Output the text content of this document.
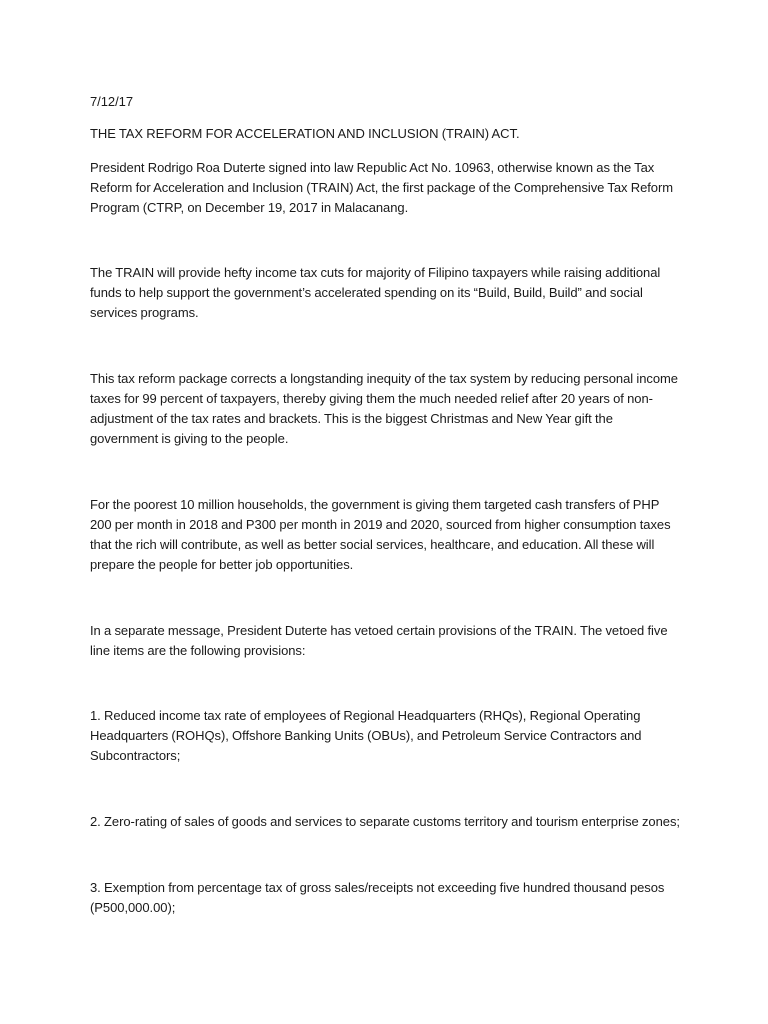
7/12/17

THE TAX REFORM FOR ACCELERATION AND INCLUSION (TRAIN) ACT.

President Rodrigo Roa Duterte signed into law Republic Act No. 10963, otherwise known as the Tax Reform for Acceleration and Inclusion (TRAIN) Act, the first package of the Comprehensive Tax Reform Program (CTRP, on December 19, 2017 in Malacanang.

The TRAIN will provide hefty income tax cuts for majority of Filipino taxpayers while raising additional funds to help support the government’s accelerated spending on its “Build, Build, Build” and social services programs.

This tax reform package corrects a longstanding inequity of the tax system by reducing personal income taxes for 99 percent of taxpayers, thereby giving them the much needed relief after 20 years of non-adjustment of the tax rates and brackets. This is the biggest Christmas and New Year gift the government is giving to the people.

For the poorest 10 million households, the government is giving them targeted cash transfers of PHP 200 per month in 2018 and P300 per month in 2019 and 2020, sourced from higher consumption taxes that the rich will contribute, as well as better social services, healthcare, and education. All these will prepare the people for better job opportunities.

In a separate message, President Duterte has vetoed certain provisions of the TRAIN. The vetoed five line items are the following provisions:

1. Reduced income tax rate of employees of Regional Headquarters (RHQs), Regional Operating Headquarters (ROHQs), Offshore Banking Units (OBUs), and Petroleum Service Contractors and Subcontractors;

2. Zero-rating of sales of goods and services to separate customs territory and tourism enterprise zones;

3. Exemption from percentage tax of gross sales/receipts not exceeding five hundred thousand pesos (P500,000.00);
